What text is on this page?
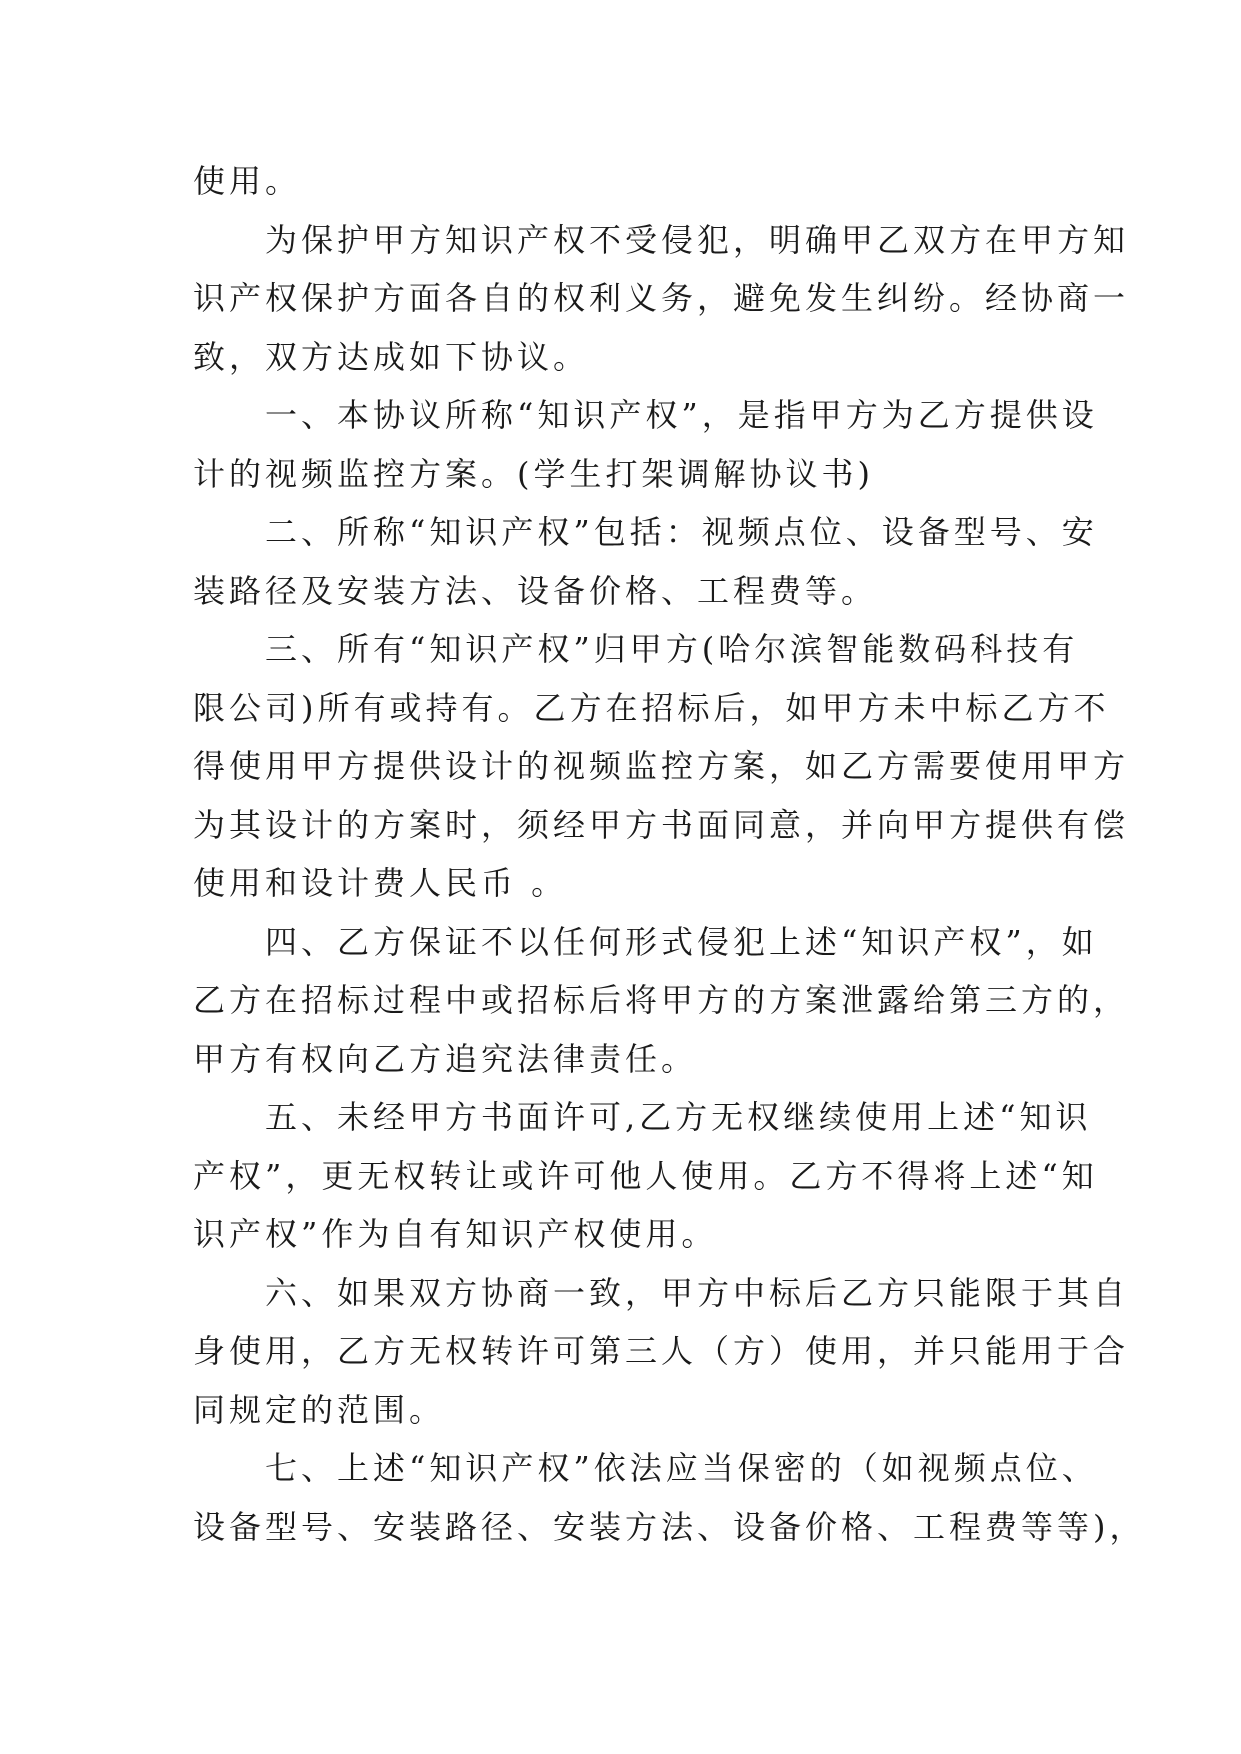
使用。
为保护甲方知识产权不受侵犯，明确甲乙双方在甲方知
识产权保护方面各自的权利义务，避免发生纠纷。经协商一
致，双方达成如下协议。
一、本协议所称“知识产权”，是指甲方为乙方提供设
计的视频监控方案。(学生打架调解协议书)
二、所称“知识产权”包括：视频点位、设备型号、安
装路径及安装方法、设备价格、工程费等。
三、所有“知识产权”归甲方(哈尔滨智能数码科技有
限公司)所有或持有。乙方在招标后，如甲方未中标乙方不
得使用甲方提供设计的视频监控方案，如乙方需要使用甲方
为其设计的方案时，须经甲方书面同意，并向甲方提供有偿
使用和设计费人民币 。
四、乙方保证不以任何形式侵犯上述“知识产权”，如
乙方在招标过程中或招标后将甲方的方案泄露给第三方的，
甲方有权向乙方追究法律责任。
五、未经甲方书面许可,乙方无权继续使用上述“知识
产权”，更无权转让或许可他人使用。乙方不得将上述“知
识产权”作为自有知识产权使用。
六、如果双方协商一致，甲方中标后乙方只能限于其自
身使用，乙方无权转许可第三人（方）使用，并只能用于合
同规定的范围。
七、上述“知识产权”依法应当保密的（如视频点位、
设备型号、安装路径、安装方法、设备价格、工程费等等)，
